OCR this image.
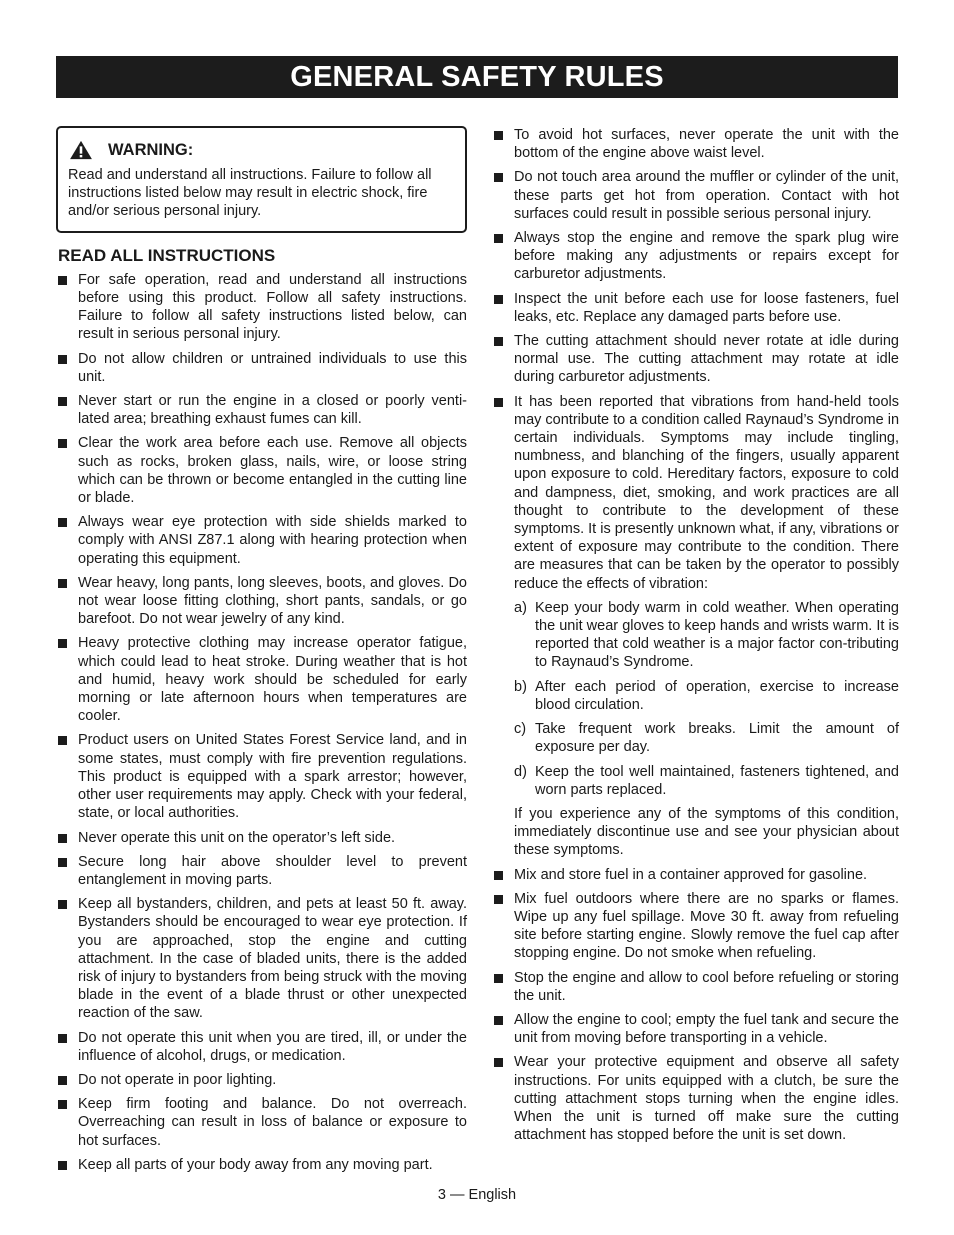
GENERAL SAFETY RULES
WARNING:
Read and understand all instructions. Failure to follow all instructions listed below may result in electric shock, fire and/or serious personal injury.
READ ALL INSTRUCTIONS
For safe operation, read and understand all instructions before using this product. Follow all safety instructions. Failure to follow all safety instructions listed below, can result in serious personal injury.
Do not allow children or untrained individuals to use this unit.
Never start or run the engine in a closed or poorly venti-lated area; breathing exhaust fumes can kill.
Clear the work area before each use. Remove all objects such as rocks, broken glass, nails, wire, or loose string which can be thrown or become entangled in the cutting line or blade.
Always wear eye protection with side shields marked to comply with ANSI Z87.1 along with hearing protection when operating this equipment.
Wear heavy, long pants, long sleeves, boots, and gloves. Do not wear loose fitting clothing, short pants, sandals, or go barefoot. Do not wear jewelry of any kind.
Heavy protective clothing may increase operator fatigue, which could lead to heat stroke. During weather that is hot and humid, heavy work should be scheduled for early morning or late afternoon hours when temperatures are cooler.
Product users on United States Forest Service land, and in some states, must comply with fire prevention regulations. This product is equipped with a spark arrestor; however, other user requirements may apply. Check with your federal, state, or local authorities.
Never operate this unit on the operator’s left side.
Secure long hair above shoulder level to prevent entanglement in moving parts.
Keep all bystanders, children, and pets at least 50 ft. away. Bystanders should be encouraged to wear eye protection. If you are approached, stop the engine and cutting attachment. In the case of bladed units, there is the added risk of injury to bystanders from being struck with the moving blade in the event of a blade thrust or other unexpected reaction of the saw.
Do not operate this unit when you are tired, ill, or under the influence of alcohol, drugs, or medication.
Do not operate in poor lighting.
Keep firm footing and balance. Do not overreach. Overreaching can result in loss of balance or exposure to hot surfaces.
Keep all parts of your body away from any moving part.
To avoid hot surfaces, never operate the unit with the bottom of the engine above waist level.
Do not touch area around the muffler or cylinder of the unit, these parts get hot from operation. Contact with hot surfaces could result in possible serious personal injury.
Always stop the engine and remove the spark plug wire before making any adjustments or repairs except for carburetor adjustments.
Inspect the unit before each use for loose fasteners, fuel leaks, etc. Replace any damaged parts before use.
The cutting attachment should never rotate at idle during normal use. The cutting attachment may rotate at idle during carburetor adjustments.
It has been reported that vibrations from hand-held tools may contribute to a condition called Raynaud’s Syndrome in certain individuals. Symptoms may include tingling, numbness, and blanching of the fingers, usually apparent upon exposure to cold. Hereditary factors, exposure to cold and dampness, diet, smoking, and work practices are all thought to contribute to the development of these symptoms. It is presently unknown what, if any, vibrations or extent of exposure may contribute to the condition. There are measures that can be taken by the operator to possibly reduce the effects of vibration:
a) Keep your body warm in cold weather. When operating the unit wear gloves to keep hands and wrists warm. It is reported that cold weather is a major factor con-tributing to Raynaud’s Syndrome.
b) After each period of operation, exercise to increase blood circulation.
c) Take frequent work breaks. Limit the amount of exposure per day.
d) Keep the tool well maintained, fasteners tightened, and worn parts replaced.
If you experience any of the symptoms of this condition, immediately discontinue use and see your physician about these symptoms.
Mix and store fuel in a container approved for gasoline.
Mix fuel outdoors where there are no sparks or flames. Wipe up any fuel spillage. Move 30 ft. away from refueling site before starting engine. Slowly remove the fuel cap after stopping engine. Do not smoke when refueling.
Stop the engine and allow to cool before refueling or storing the unit.
Allow the engine to cool; empty the fuel tank and secure the unit from moving before transporting in a vehicle.
Wear your protective equipment and observe all safety instructions. For units equipped with a clutch, be sure the cutting attachment stops turning when the engine idles. When the unit is turned off make sure the cutting attachment has stopped before the unit is set down.
3 — English
